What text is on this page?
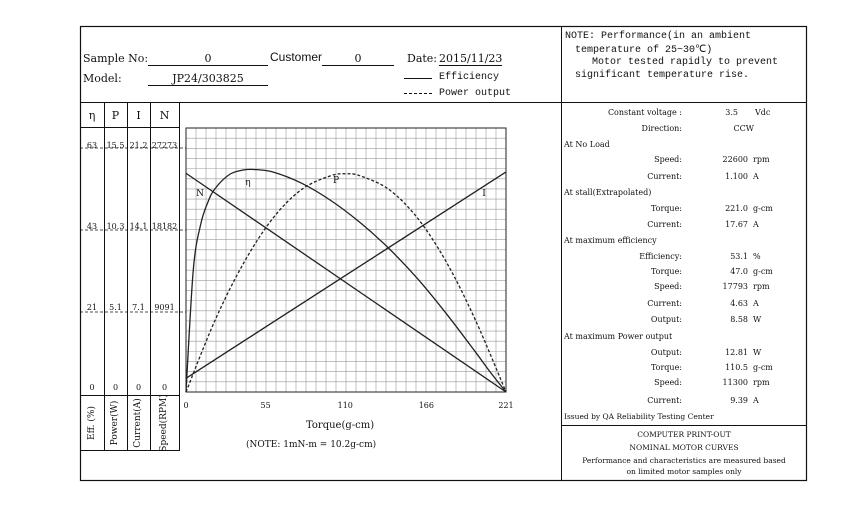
Sample No:	0	Customer	0	Date: 2015/11/23
Model:	JP24/303825	Efficiency
Power output
NOTE: Performance(in an ambient
temperature of 25~30℃)
Motor tested rapidly to prevent
significant temperature rise.
η	P	I	N
63	15.5 21.2 27273
43	10.3 14.1 18182
21	5.1	7.1	9091
0	0	0	0
Eff. (%) Power(W) Current(A) Speed(RPM)
N	I
η	P
0	55	110	166	221
Torque(g-cm)
(NOTE: 1mN-m = 10.2g-cm)
Constant voltage :	3.5 Vdc
Direction:	CCW
At No Load
Speed:	22600 rpm
Current:	1.100 A
At stall(Extrapolated)
Torque:	221.0 g-cm
Current:	17.67 A
At maximum efficiency
Efficiency:	53.1 %
Torque:	47.0 g-cm
Speed:	17793 rpm
Current:	4.63 A
Output:	8.58 W
At maximum Power output
Output:	12.81 W
Torque:	110.5 g-cm
Speed:	11300 rpm
Current:	9.39 A
Issued by QA Reliability Testing Center
COMPUTER PRINT-OUT
NOMINAL MOTOR CURVES
Performance and characteristics are measured based
on limited motor samples only
